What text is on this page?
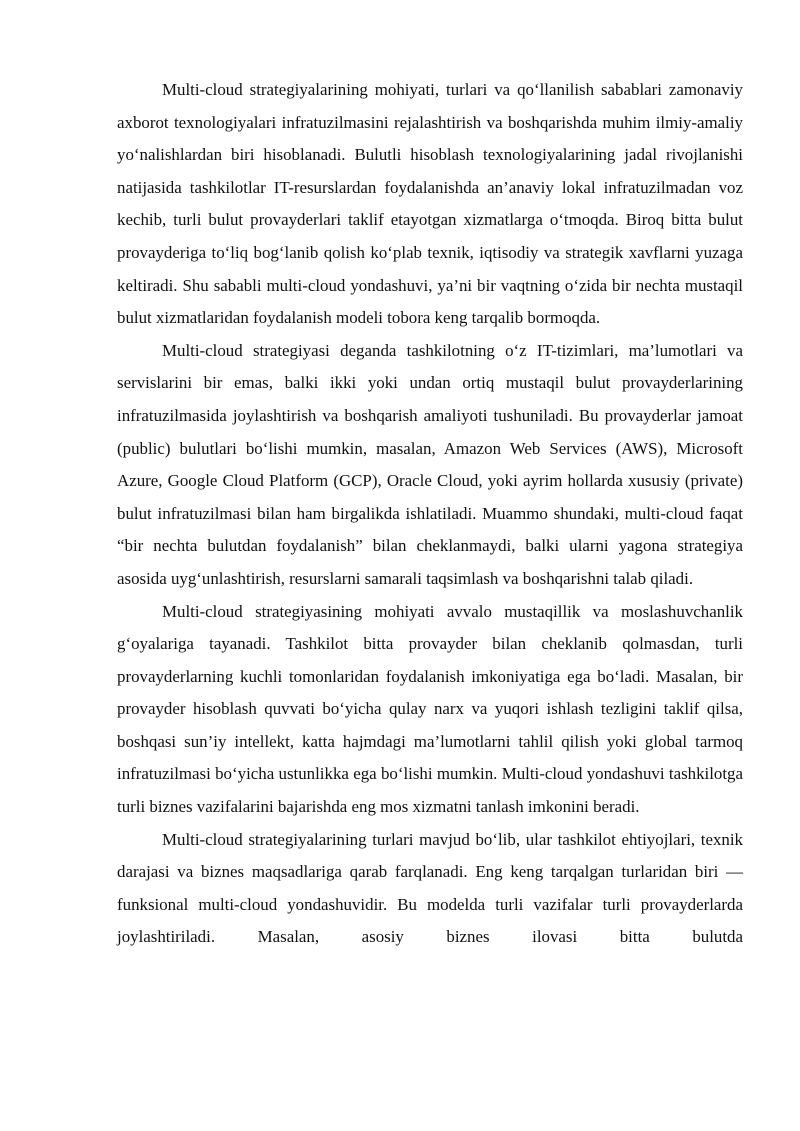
Multi-cloud strategiyalarining mohiyati, turlari va qo‘llanilish sabablari zamonaviy axborot texnologiyalari infratuzilmasini rejalashtirish va boshqarishda muhim ilmiy-amaliy yo‘nalishlardan biri hisoblanadi. Bulutli hisoblash texnologiyalarining jadal rivojlanishi natijasida tashkilotlar IT-resurslardan foydalanishda an’anaviy lokal infratuzilmadan voz kechib, turli bulut provayderlari taklif etayotgan xizmatlarga o‘tmoqda. Biroq bitta bulut provayderiga to‘liq bog‘lanib qolish ko‘plab texnik, iqtisodiy va strategik xavflarni yuzaga keltiradi. Shu sababli multi-cloud yondashuvi, ya’ni bir vaqtning o‘zida bir nechta mustaqil bulut xizmatlaridan foydalanish modeli tobora keng tarqalib bormoqda.

Multi-cloud strategiyasi deganda tashkilotning o‘z IT-tizimlari, ma’lumotlari va servislarini bir emas, balki ikki yoki undan ortiq mustaqil bulut provayderlarining infratuzilmasida joylashtirish va boshqarish amaliyoti tushuniladi. Bu provayderlar jamoat (public) bulutlari bo‘lishi mumkin, masalan, Amazon Web Services (AWS), Microsoft Azure, Google Cloud Platform (GCP), Oracle Cloud, yoki ayrim hollarda xususiy (private) bulut infratuzilmasi bilan ham birgalikda ishlatiladi. Muammo shundaki, multi-cloud faqat “bir nechta bulutdan foydalanish” bilan cheklanmaydi, balki ularni yagona strategiya asosida uyg‘unlashtirish, resurslarni samarali taqsimlash va boshqarishni talab qiladi.

Multi-cloud strategiyasining mohiyati avvalo mustaqillik va moslashuvchanlik g‘oyalariga tayanadi. Tashkilot bitta provayder bilan cheklanib qolmasdan, turli provayderlarning kuchli tomonlaridan foydalanish imkoniyatiga ega bo‘ladi. Masalan, bir provayder hisoblash quvvati bo‘yicha qulay narx va yuqori ishlash tezligini taklif qilsa, boshqasi sun’iy intellekt, katta hajmdagi ma’lumotlarni tahlil qilish yoki global tarmoq infratuzilmasi bo‘yicha ustunlikka ega bo‘lishi mumkin. Multi-cloud yondashuvi tashkilotga turli biznes vazifalarini bajarishda eng mos xizmatni tanlash imkonini beradi.

Multi-cloud strategiyalarining turlari mavjud bo‘lib, ular tashkilot ehtiyojlari, texnik darajasi va biznes maqsadlariga qarab farqlanadi. Eng keng tarqalgan turlaridan biri — funksional multi-cloud yondashuvidir. Bu modelda turli vazifalar turli provayderlarda joylashtiriladi. Masalan, asosiy biznes ilovasi bitta bulutda
